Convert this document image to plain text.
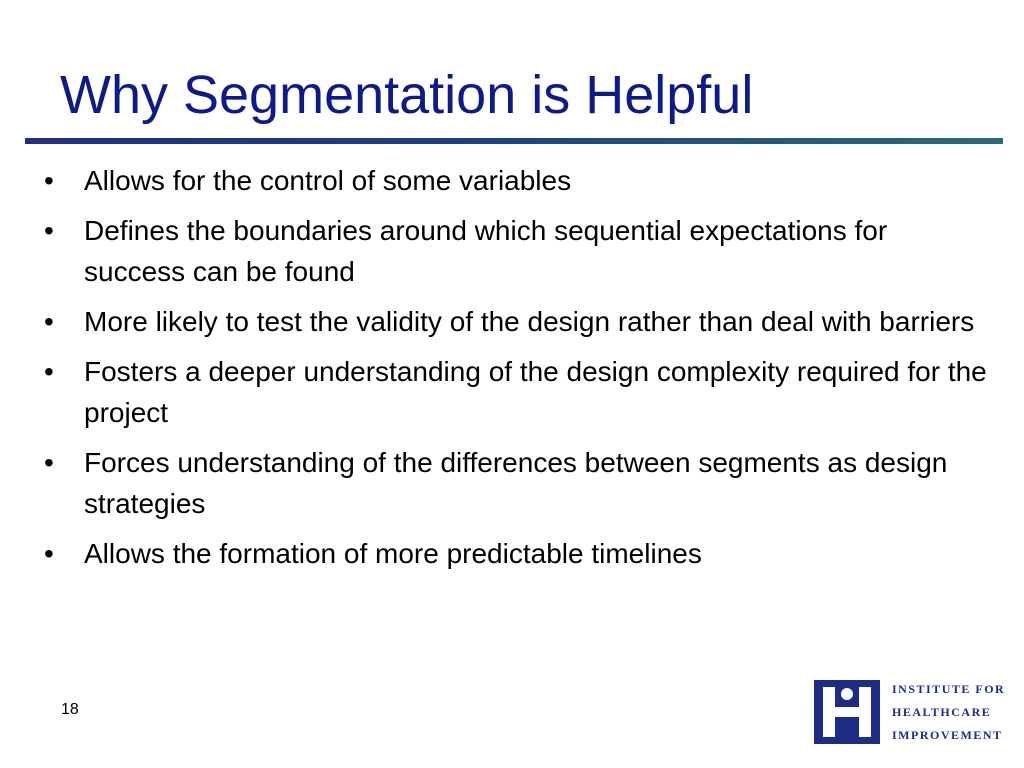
Why Segmentation is Helpful
• Allows for the control of some variables
• Defines the boundaries around which sequential expectations for success can be found
• More likely to test the validity of the design rather than deal with barriers
• Fosters a deeper understanding of the design complexity required for the project
• Forces understanding of the differences between segments as design strategies
• Allows the formation of more predictable timelines
18
INSTITUTE FOR
HEALTHCARE
IMPROVEMENT
